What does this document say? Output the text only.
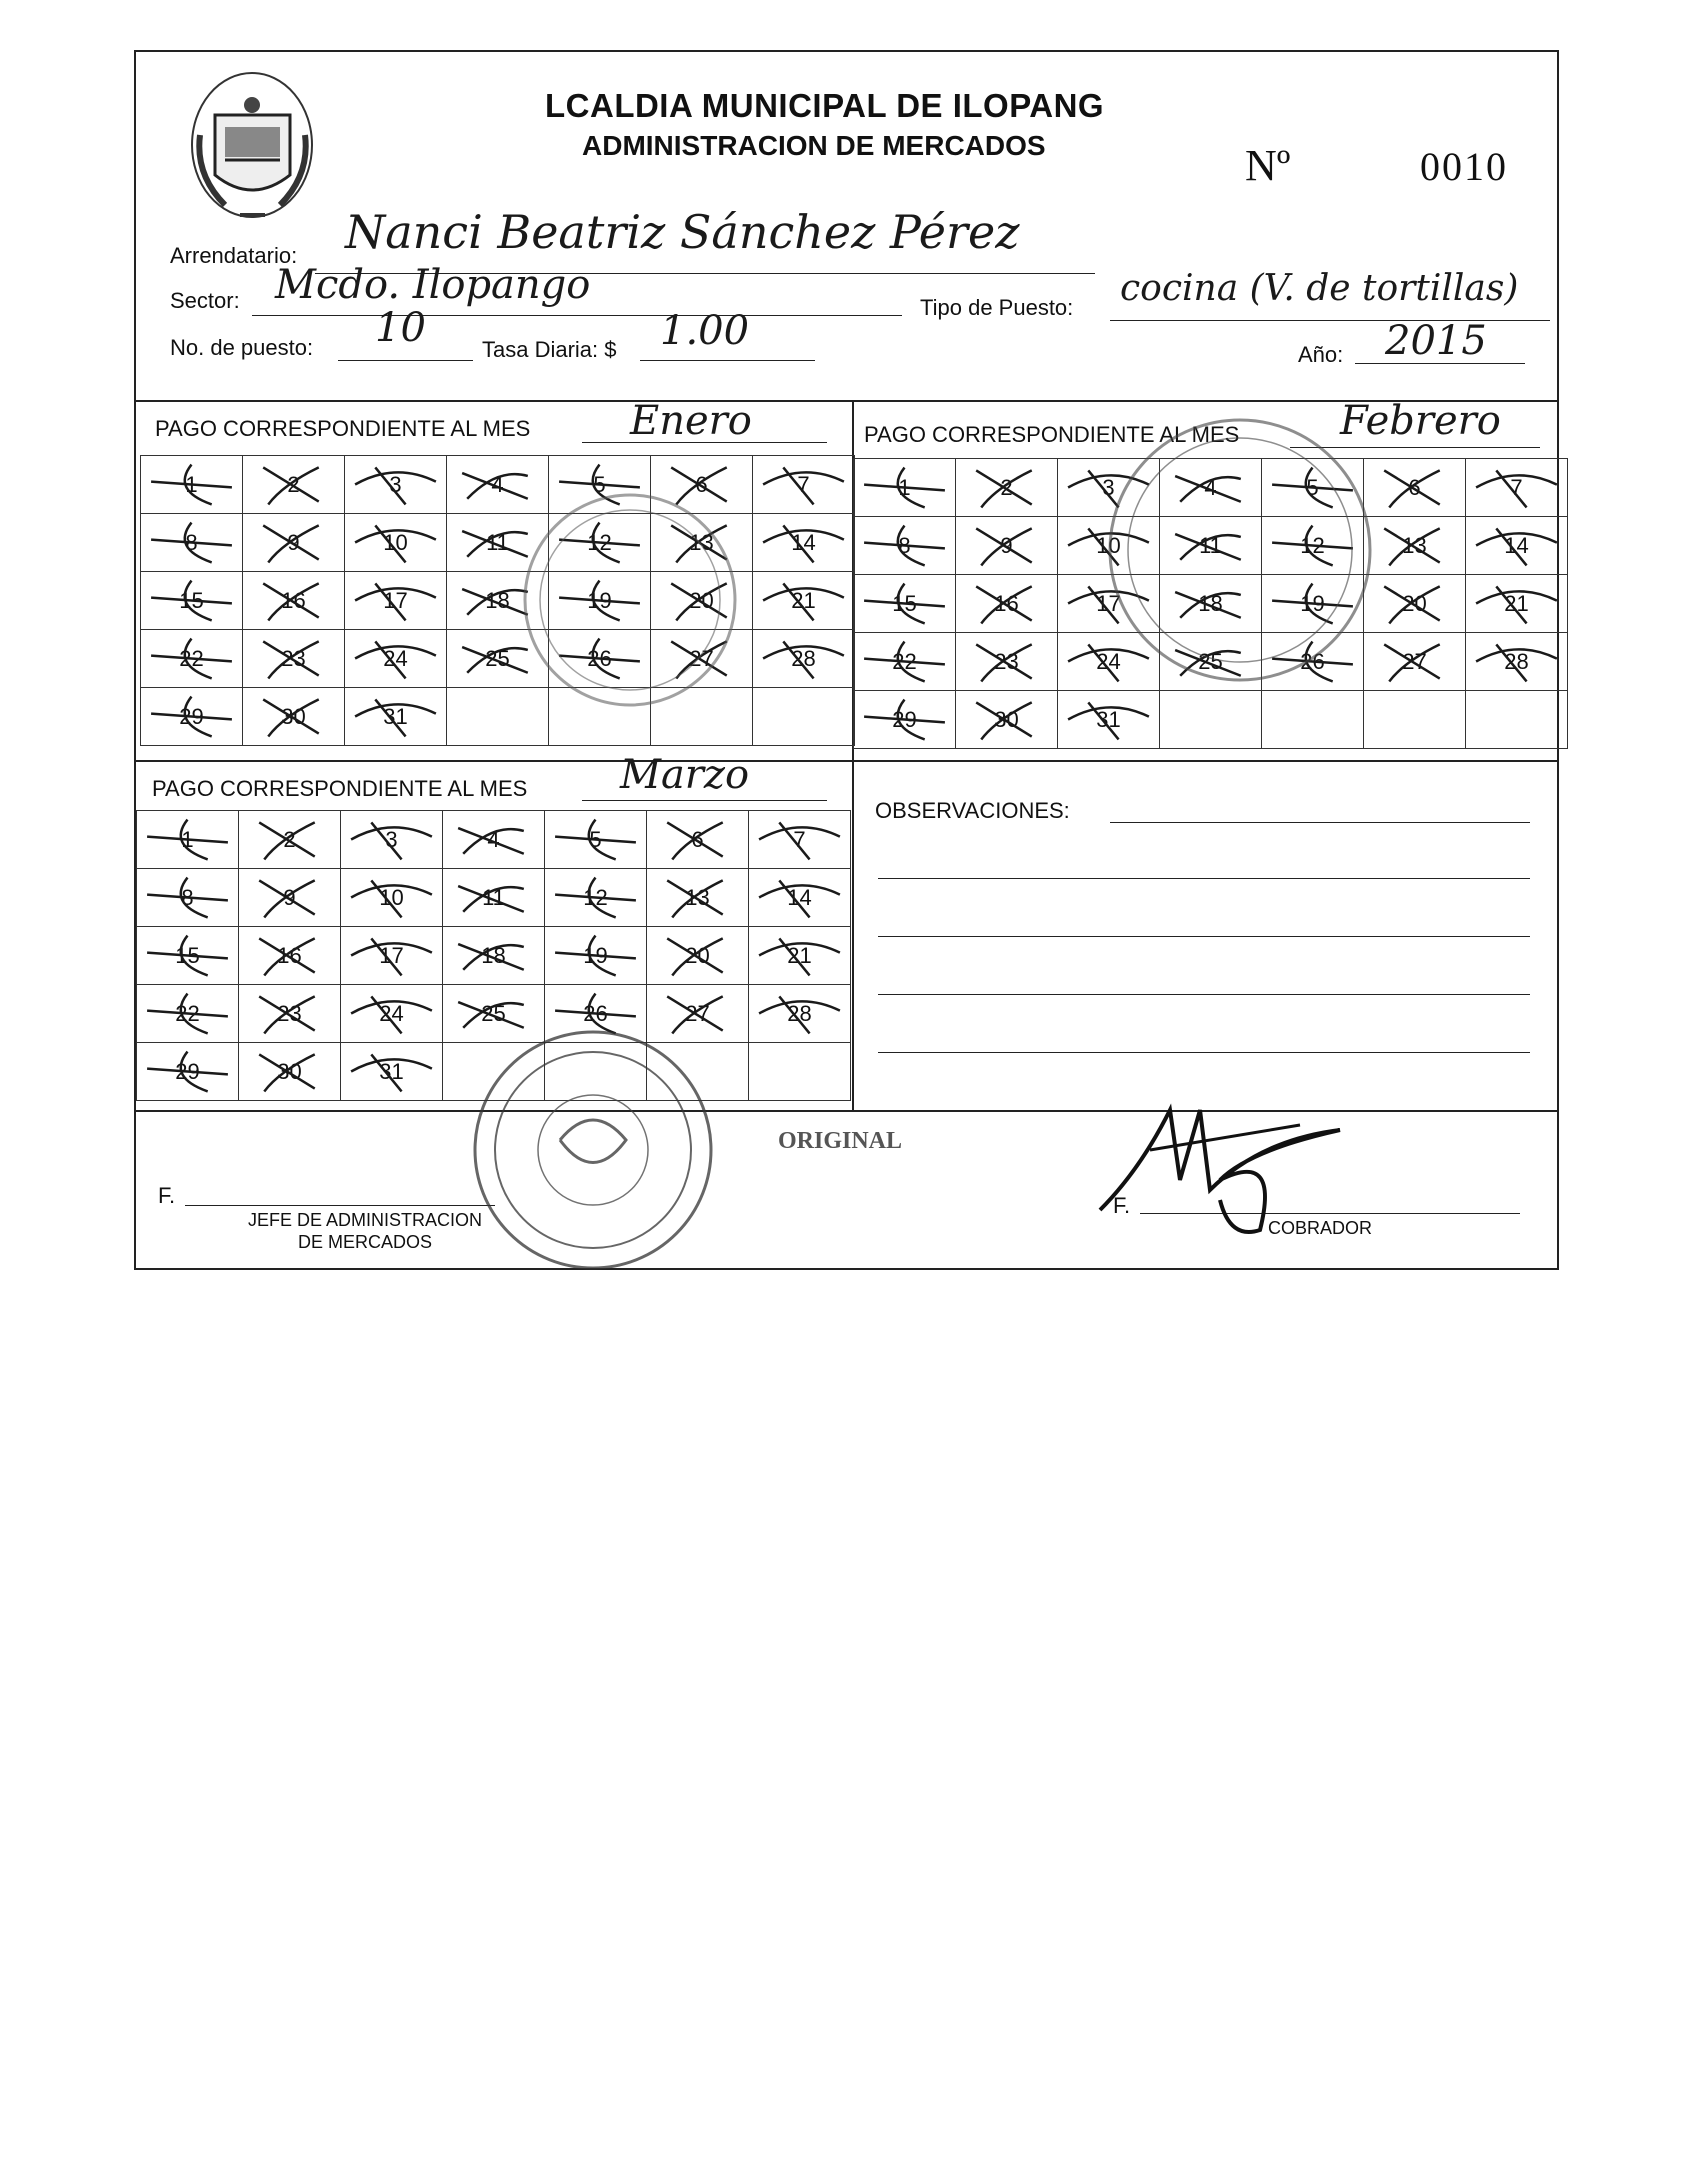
LCALDIA MUNICIPAL DE ILOPANG
ADMINISTRACION DE MERCADOS	Nº	0010
Arrendatario: Nanci Beatriz Sánchez Pérez
Sector: Mcdo. Ilopango	Tipo de Puesto: cocina (V. de tortillas)
No. de puesto: 10	Tasa Diaria: $ 1.00
Año: 2015
PAGO CORRESPONDIENTE AL MES Enero	PAGO CORRESPONDIENTE AL MES	Febrero
PAGO CORRESPONDIENTE AL MES Marzo
1	2	3	4	5	6	7

8	9	10	11	12	13	14

15	16	17	18	19	20	21

22	23	24	25	26	27	28

29	30	31

1	2	3	4	5	6	7

8	9	10	11	12	13	14

15	16	17	18	19	20	21

22	23	24	25	26	27	28

29	30	31

1	2	3	4	5	6	7

8	9	10	11	12	13	14

15	16	17	18	19	20	21

22	23	24	25	26	27	28

29	30	31

OBSERVACIONES:
ORIGINAL
F.
JEFE DE ADMINISTRACION
DE MERCADOS
F.
COBRADOR
